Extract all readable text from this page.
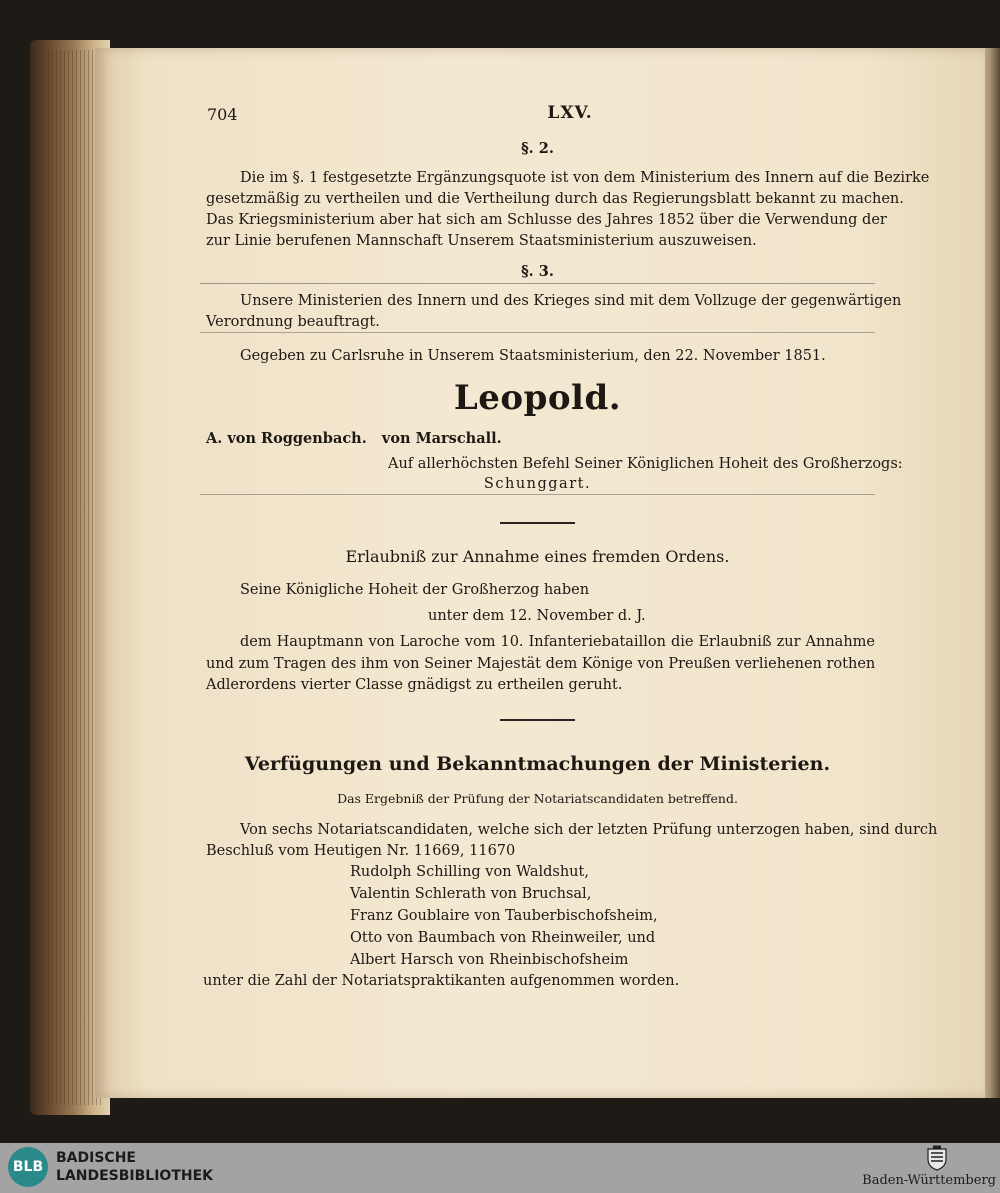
704	LXV.
§. 2.
Die im §. 1 festgesetzte Ergänzungsquote ist von dem Ministerium des Innern auf die Bezirke
gesetzmäßig zu vertheilen und die Vertheilung durch das Regierungsblatt bekannt zu machen.
Das Kriegsministerium aber hat sich am Schlusse des Jahres 1852 über die Verwendung der
zur Linie berufenen Mannschaft Unserem Staatsministerium auszuweisen.
§. 3.
Unsere Ministerien des Innern und des Krieges sind mit dem Vollzuge der gegenwärtigen
Verordnung beauftragt.
Gegeben zu Carlsruhe in Unserem Staatsministerium, den 22. November 1851.
Leopold.
A. von Roggenbach.   von Marschall.
Auf allerhöchsten Befehl Seiner Königlichen Hoheit des Großherzogs:
Schunggart.
Erlaubniß zur Annahme eines fremden Ordens.
Seine Königliche Hoheit der Großherzog haben
unter dem 12. November d. J.
dem Hauptmann von Laroche vom 10. Infanteriebataillon die Erlaubniß zur Annahme
und zum Tragen des ihm von Seiner Majestät dem Könige von Preußen verliehenen rothen
Adlerordens vierter Classe gnädigst zu ertheilen geruht.
Verfügungen und Bekanntmachungen der Ministerien.
Das Ergebniß der Prüfung der Notariatscandidaten betreffend.
Von sechs Notariatscandidaten, welche sich der letzten Prüfung unterzogen haben, sind durch
Beschluß vom Heutigen Nr. 11669, 11670
Rudolph Schilling von Waldshut,
Valentin Schlerath von Bruchsal,
Franz Goublaire von Tauberbischofsheim,
Otto von Baumbach von Rheinweiler, und
Albert Harsch von Rheinbischofsheim
unter die Zahl der Notariatspraktikanten aufgenommen worden.
BLB
BADISCHE
LANDESBIBLIOTHEK	Baden-Württemberg
